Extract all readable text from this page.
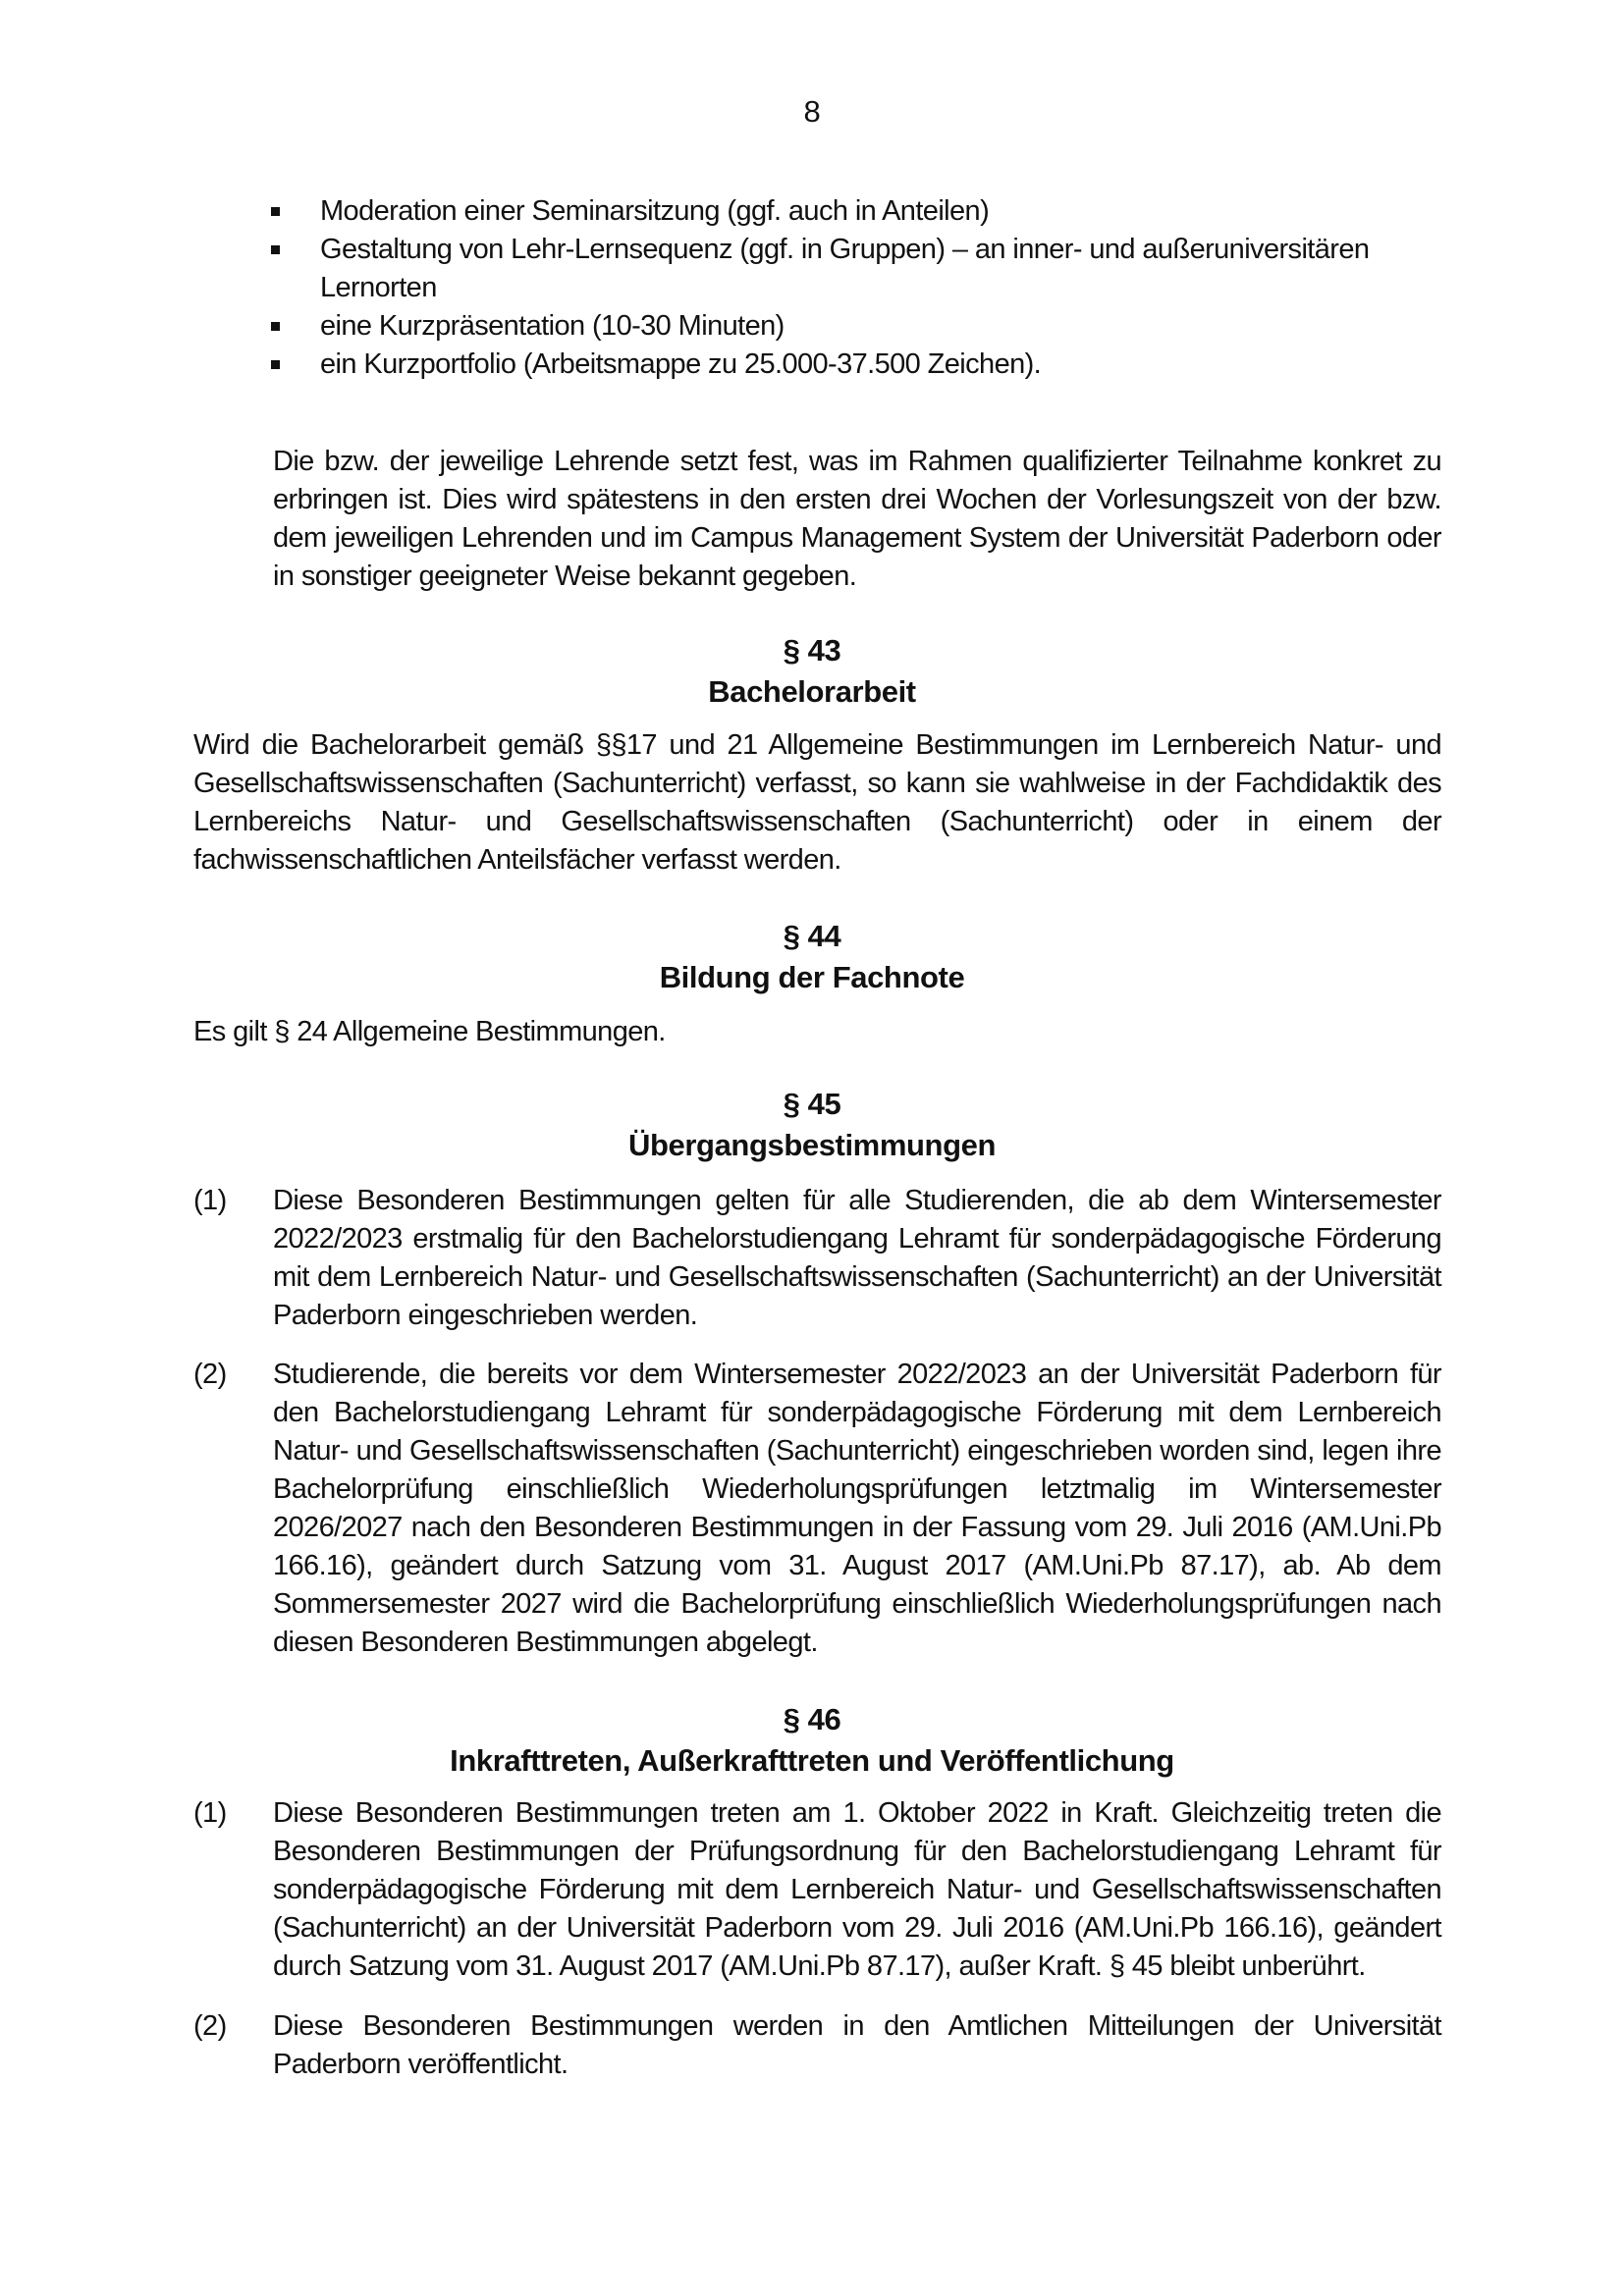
8
Moderation einer Seminarsitzung (ggf. auch in Anteilen)
Gestaltung von Lehr-Lernsequenz (ggf. in Gruppen) – an inner- und außeruniversitären Lernorten
eine Kurzpräsentation (10-30 Minuten)
ein Kurzportfolio (Arbeitsmappe zu 25.000-37.500 Zeichen).
Die bzw. der jeweilige Lehrende setzt fest, was im Rahmen qualifizierter Teilnahme konkret zu erbringen ist. Dies wird spätestens in den ersten drei Wochen der Vorlesungszeit von der bzw. dem jeweiligen Lehrenden und im Campus Management System der Universität Paderborn oder in sonstiger geeigneter Weise bekannt gegeben.
§ 43
Bachelorarbeit
Wird die Bachelorarbeit gemäß §§17 und 21 Allgemeine Bestimmungen im Lernbereich Natur- und Gesellschaftswissenschaften (Sachunterricht) verfasst, so kann sie wahlweise in der Fachdidaktik des Lernbereichs Natur- und Gesellschaftswissenschaften (Sachunterricht) oder in einem der fachwissenschaftlichen Anteilsfächer verfasst werden.
§ 44
Bildung der Fachnote
Es gilt § 24 Allgemeine Bestimmungen.
§ 45
Übergangsbestimmungen
(1)	Diese Besonderen Bestimmungen gelten für alle Studierenden, die ab dem Wintersemester 2022/2023 erstmalig für den Bachelorstudiengang Lehramt für sonderpädagogische Förderung mit dem Lernbereich Natur- und Gesellschaftswissenschaften (Sachunterricht) an der Universität Paderborn eingeschrieben werden.
(2)	Studierende, die bereits vor dem Wintersemester 2022/2023 an der Universität Paderborn für den Bachelorstudiengang Lehramt für sonderpädagogische Förderung mit dem Lernbereich Natur- und Gesellschaftswissenschaften (Sachunterricht) eingeschrieben worden sind, legen ihre Bachelorprüfung einschließlich Wiederholungsprüfungen letztmalig im Wintersemester 2026/2027 nach den Besonderen Bestimmungen in der Fassung vom 29. Juli 2016 (AM.Uni.Pb 166.16), geändert durch Satzung vom 31. August 2017 (AM.Uni.Pb 87.17), ab. Ab dem Sommersemester 2027 wird die Bachelorprüfung einschließlich Wiederholungsprüfungen nach diesen Besonderen Bestimmungen abgelegt.
§ 46
Inkrafttreten, Außerkrafttreten und Veröffentlichung
(1)	Diese Besonderen Bestimmungen treten am 1. Oktober 2022 in Kraft. Gleichzeitig treten die Besonderen Bestimmungen der Prüfungsordnung für den Bachelorstudiengang Lehramt für sonderpädagogische Förderung mit dem Lernbereich Natur- und Gesellschaftswissenschaften (Sachunterricht) an der Universität Paderborn vom 29. Juli 2016 (AM.Uni.Pb 166.16), geändert durch Satzung vom 31. August 2017 (AM.Uni.Pb 87.17), außer Kraft. § 45 bleibt unberührt.
(2)	Diese Besonderen Bestimmungen werden in den Amtlichen Mitteilungen der Universität Paderborn veröffentlicht.
